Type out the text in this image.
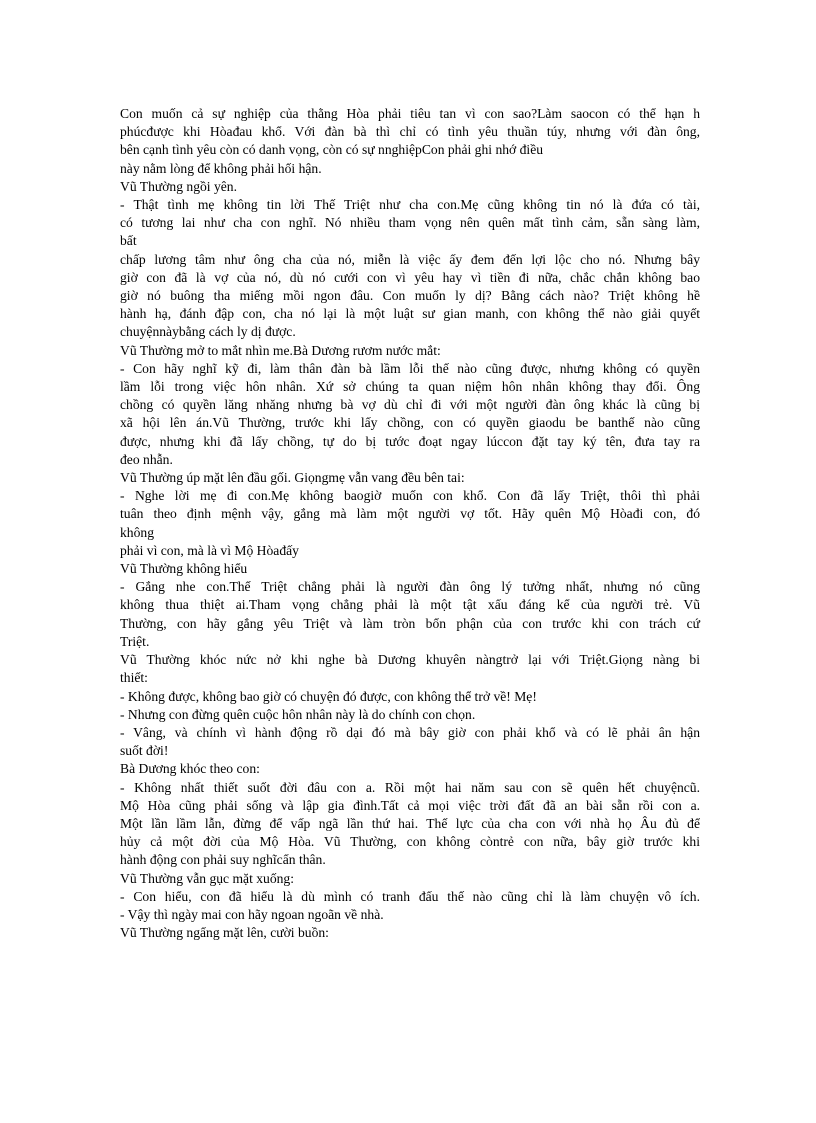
Con muốn cả sự nghiệp của thằng Hòa phải tiêu tan vì con sao?Làm saocon có thể hạn h
phúcđược khi Hòađau khổ. Với đàn bà thì chỉ có tình yêu thuần túy, nhưng với đàn ông,
bên cạnh tình yêu còn có danh vọng, còn có sự nnghiệpCon phải ghi nhớ điều
này nằm lòng để không phải hối hận.
Vũ Thường ngồi yên.
- Thật tình mẹ không tin lời Thế Triệt như cha con.Mẹ cũng không tin nó là đứa có tài,
có tương lai như cha con nghĩ. Nó nhiều tham vọng nên quên mất tình cảm, sẵn sàng làm,
bất
chấp lương tâm như ông cha của nó, miễn là việc ấy đem đến lợi lộc cho nó. Nhưng bây
giờ con đã là vợ của nó, dù nó cưới con vì yêu hay vì tiền đi nữa, chắc chắn không bao
giờ nó buông tha miếng mồi ngon đâu. Con muốn ly dị? Bằng cách nào? Triệt không hề
hành hạ, đánh đập con, cha nó lại là một luật sư gian manh, con không thể nào giải quyết
chuyệnnàybằng cách ly dị được.
Vũ Thường mở to mắt nhìn me.Bà Dương rươm nước mắt:
- Con hãy nghĩ kỹ đi, làm thân đàn bà lầm lỗi thế nào cũng được, nhưng không có quyền
lầm lỗi trong việc hôn nhân. Xứ sở chúng ta quan niệm hôn nhân không thay đổi. Ông
chồng có quyền lăng nhăng nhưng bà vợ dù chỉ đi với một người đàn ông khác là cũng bị
xã hội lên án.Vũ Thường, trước khi lấy chồng, con có quyền giaodu be banthế nào cũng
được, nhưng khi đã lấy chồng, tự do bị tước đoạt ngay lúccon đặt tay ký tên, đưa tay ra
đeo nhẫn.
Vũ Thường úp mặt lên đầu gối. Giọngmẹ vẫn vang đều bên tai:
- Nghe lời mẹ đi con.Mẹ không baogiờ muốn con khổ. Con đã lấy Triệt, thôi thì phải
tuân theo định mệnh vậy, gắng mà làm một người vợ tốt. Hãy quên Mộ Hòađi con, đó
không
phải vì con, mà là vì Mộ Hòađấy
Vũ Thường không hiểu
- Gắng nhe con.Thế Triệt chẳng phải là người đàn ông lý tưởng nhất, nhưng nó cũng
không thua thiệt ai.Tham vọng chẳng phải là một tật xấu đáng kể của người trẻ. Vũ
Thường, con hãy gắng yêu Triệt và làm tròn bổn phận của con trước khi con trách cứ
Triệt.
Vũ Thường khóc nức nở khi nghe bà Dương khuyên nàngtrở lại với Triệt.Giọng nàng bi
thiết:
- Không được, không bao giờ có chuyện đó được, con không thể trở về! Mẹ!
- Nhưng con đừng quên cuộc hôn nhân này là do chính con chọn.
- Vâng, và chính vì hành động rồ dại đó mà bây giờ con phải khổ và có lẽ phải ân hận
suốt đời!
Bà Dương khóc theo con:
- Không nhất thiết suốt đời đâu con a. Rồi một hai năm sau con sẽ quên hết chuyệncũ.
Mộ Hòa cũng phải sống và lập gia đình.Tất cả mọi việc trời đất đã an bài sẵn rồi con a.
Một lần lầm lẫn, đừng để vấp ngã lần thứ hai. Thế lực của cha con với nhà họ Âu đủ để
hủy cả một đời của Mộ Hòa. Vũ Thường, con không còntrẻ con nữa, bây giờ trước khi
hành động con phải suy nghĩcẩn thân.
Vũ Thường vẫn gục mặt xuống:
- Con hiểu, con đã hiểu là dù mình có tranh đấu thế nào cũng chỉ là làm chuyện vô ích.
- Vậy thì ngày mai con hãy ngoan ngoãn về nhà.
Vũ Thường ngẩng mặt lên, cười buồn:
